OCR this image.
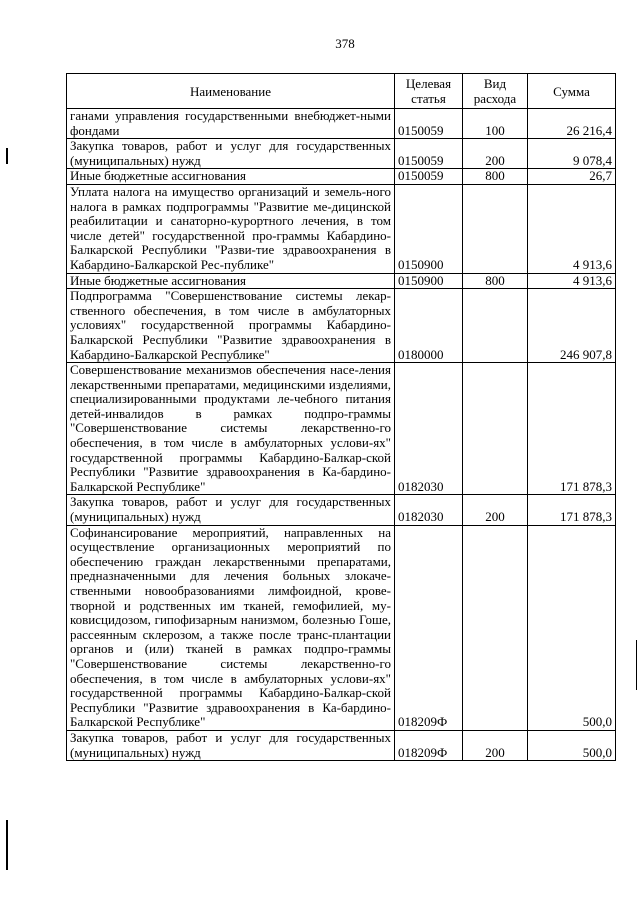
378
Наименование	Целевая статья	Вид расхода	Сумма
ганами управления государственными внебюджет-ными фондами	0150059	100	26 216,4
Закупка товаров, работ и услуг для государственных (муниципальных) нужд	0150059	200	9 078,4
Иные бюджетные ассигнования	0150059	800	26,7
Уплата налога на имущество организаций и земель-ного налога в рамках подпрограммы "Развитие ме-дицинской реабилитации и санаторно-курортного лечения, в том числе детей" государственной про-граммы Кабардино-Балкарской Республики "Разви-тие здравоохранения в Кабардино-Балкарской Рес-публике"	0150900		4 913,6
Иные бюджетные ассигнования	0150900	800	4 913,6
Подпрограмма "Совершенствование системы лекар-ственного обеспечения, в том числе в амбулаторных условиях" государственной программы Кабардино-Балкарской Республики "Развитие здравоохранения в Кабардино-Балкарской Республике"	0180000		246 907,8
Совершенствование механизмов обеспечения насе-ления лекарственными препаратами, медицинскими изделиями, специализированными продуктами ле-чебного питания детей-инвалидов в рамках подпро-граммы "Совершенствование системы лекарственно-го обеспечения, в том числе в амбулаторных услови-ях" государственной программы Кабардино-Балкар-ской Республики "Развитие здравоохранения в Ка-бардино-Балкарской Республике"	0182030		171 878,3
Закупка товаров, работ и услуг для государственных (муниципальных) нужд	0182030	200	171 878,3
Софинансирование мероприятий, направленных на осуществление организационных мероприятий по обеспечению граждан лекарственными препаратами, предназначенными для лечения больных злокаче-ственными новообразованиями лимфоидной, крове-творной и родственных им тканей, гемофилией, му-ковисцидозом, гипофизарным нанизмом, болезнью Гоше, рассеянным склерозом, а также после транс-плантации органов и (или) тканей в рамках подпро-граммы "Совершенствование системы лекарственно-го обеспечения, в том числе в амбулаторных услови-ях" государственной программы Кабардино-Балкар-ской Республики "Развитие здравоохранения в Ка-бардино-Балкарской Республике"	018209Ф		500,0
Закупка товаров, работ и услуг для государственных (муниципальных) нужд	018209Ф	200	500,0
